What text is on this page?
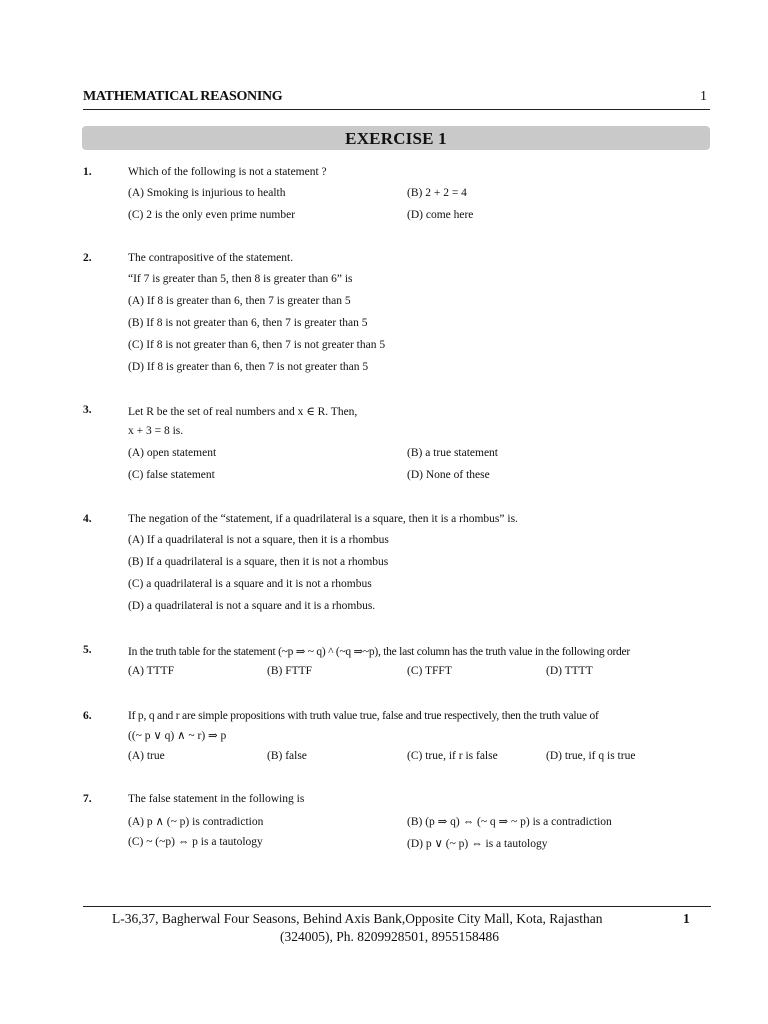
MATHEMATICAL REASONING	1
EXERCISE 1
1.	Which of the following is not a statement ?
(A) Smoking is injurious to health	(B) 2 + 2 = 4
(C) 2 is the only even prime number	(D) come here
2.	The contrapositive of the statement.
“If 7 is greater than 5, then 8 is greater than 6” is
(A) If 8 is greater than 6, then 7 is greater than 5
(B) If 8 is not greater than 6, then 7 is greater than 5
(C) If 8 is not greater than 6, then 7 is not greater than 5
(D) If 8 is greater than 6, then 7 is not greater than 5
3.	Let R be the set of real numbers and x ∈ R. Then,
x + 3 = 8 is.
(A) open statement	(B) a true statement
(C) false statement	(D) None of these
4.	The negation of the “statement, if a quadrilateral is a square, then it is a rhombus” is.
(A) If a quadrilateral is not a square, then it is a rhombus
(B) If a quadrilateral is a square, then it is not a rhombus
(C) a quadrilateral is a square and it is not a rhombus
(D) a quadrilateral is not a square and it is a rhombus.
5.	In the truth table for the statement (~p ⇒ ~ q) ^ (~q ⇒~p), the last column has the truth value in the following order
(A) TTTF	(B) FTTF	(C) TFFT	(D) TTTT
6.	If p, q and r are simple propositions with truth value true, false and true respectively, then the truth value of
((~ p ∨ q) ∧ ~ r) ⇒ p
(A) true	(B) false	(C) true, if r is false	(D) true, if q is true
7.	The false statement in the following is
(A) p ∧ (~ p) is contradiction	(B) (p ⇒ q) ⇔ (~ q ⇒ ~ p) is a contradiction
(C) ~ (~p) ⇔ p is a tautology	(D) p ∨ (~ p) ⇔ is a tautology
L-36,37, Bagherwal Four Seasons, Behind Axis Bank,Opposite City Mall, Kota, Rajasthan
(324005), Ph. 8209928501, 8955158486
1
